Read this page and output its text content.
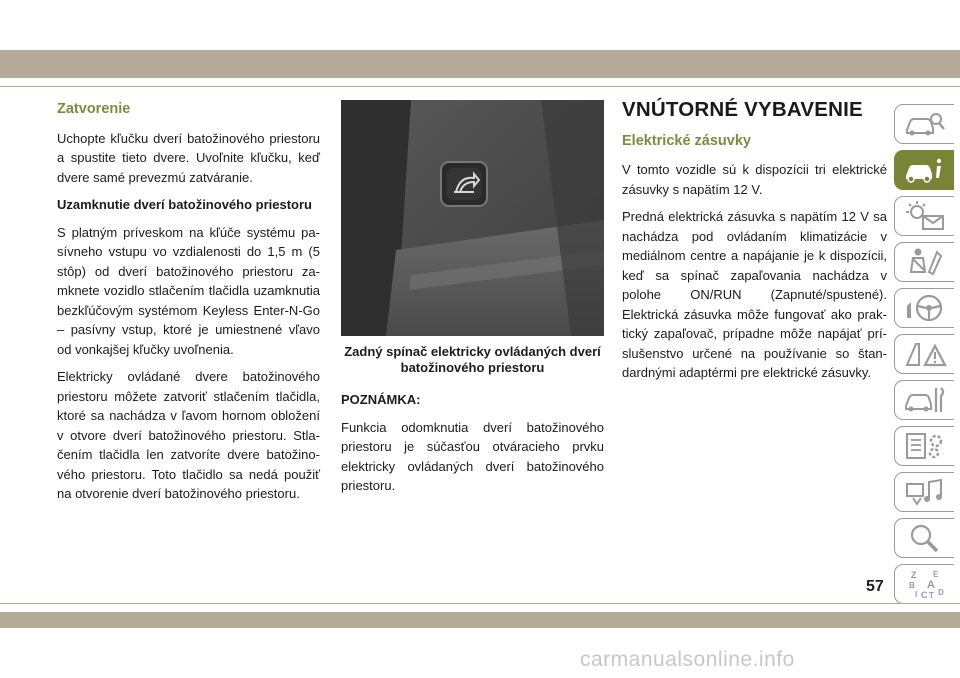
Zatvorenie

Uchopte kľučku dverí batožinového priestoru a spustite tieto dvere. Uvoľnite kľučku, keď dvere samé prevezmú zatváranie.

Uzamknutie dverí batožinového priestoru

S platným príveskom na kľúče systému pasívneho vstupu vo vzdialenosti do 1,5 m (5 stôp) od dverí batožinového priestoru zamknete vozidlo stlačením tlačidla uzamknutia bezkľúčovým systémom Keyless Enter-N-Go – pasívny vstup, ktoré je umiestnené vľavo od vonkajšej kľučky uvoľnenia.

Elektricky ovládané dvere batožinového priestoru môžete zatvoriť stlačením tlačidla, ktoré sa nachádza v ľavom hornom obložení v otvore dverí batožinového priestoru. Stlačením tlačidla len zatvoríte dvere batožinového priestoru. Toto tlačidlo sa nedá použiť na otvorenie dverí batožinového priestoru.

Zadný spínač elektricky ovládaných dverí batožinového priestoru

POZNÁMKA:

Funkcia odomknutia dverí batožinového priestoru je súčasťou otváracieho prvku elektricky ovládaných dverí batožinového priestoru.

VNÚTORNÉ VYBAVENIE
Elektrické zásuvky

V tomto vozidle sú k dispozícii tri elektrické zásuvky s napätím 12 V.

Predná elektrická zásuvka s napätím 12 V sa nachádza pod ovládaním klimatizácie v mediálnom centre a napájanie je k dispozícii, keď sa spínač zapaľovania nachádza v polohe ON/RUN (Zapnuté/spustené). Elektrická zásuvka môže fungovať ako praktický zapaľovač, prípadne môže napájať príslušenstvo určené na používanie so štandardnými adaptérmi pre elektrické zásuvky.

Z E
B A
I C T D
57
carmanualsonline.info
